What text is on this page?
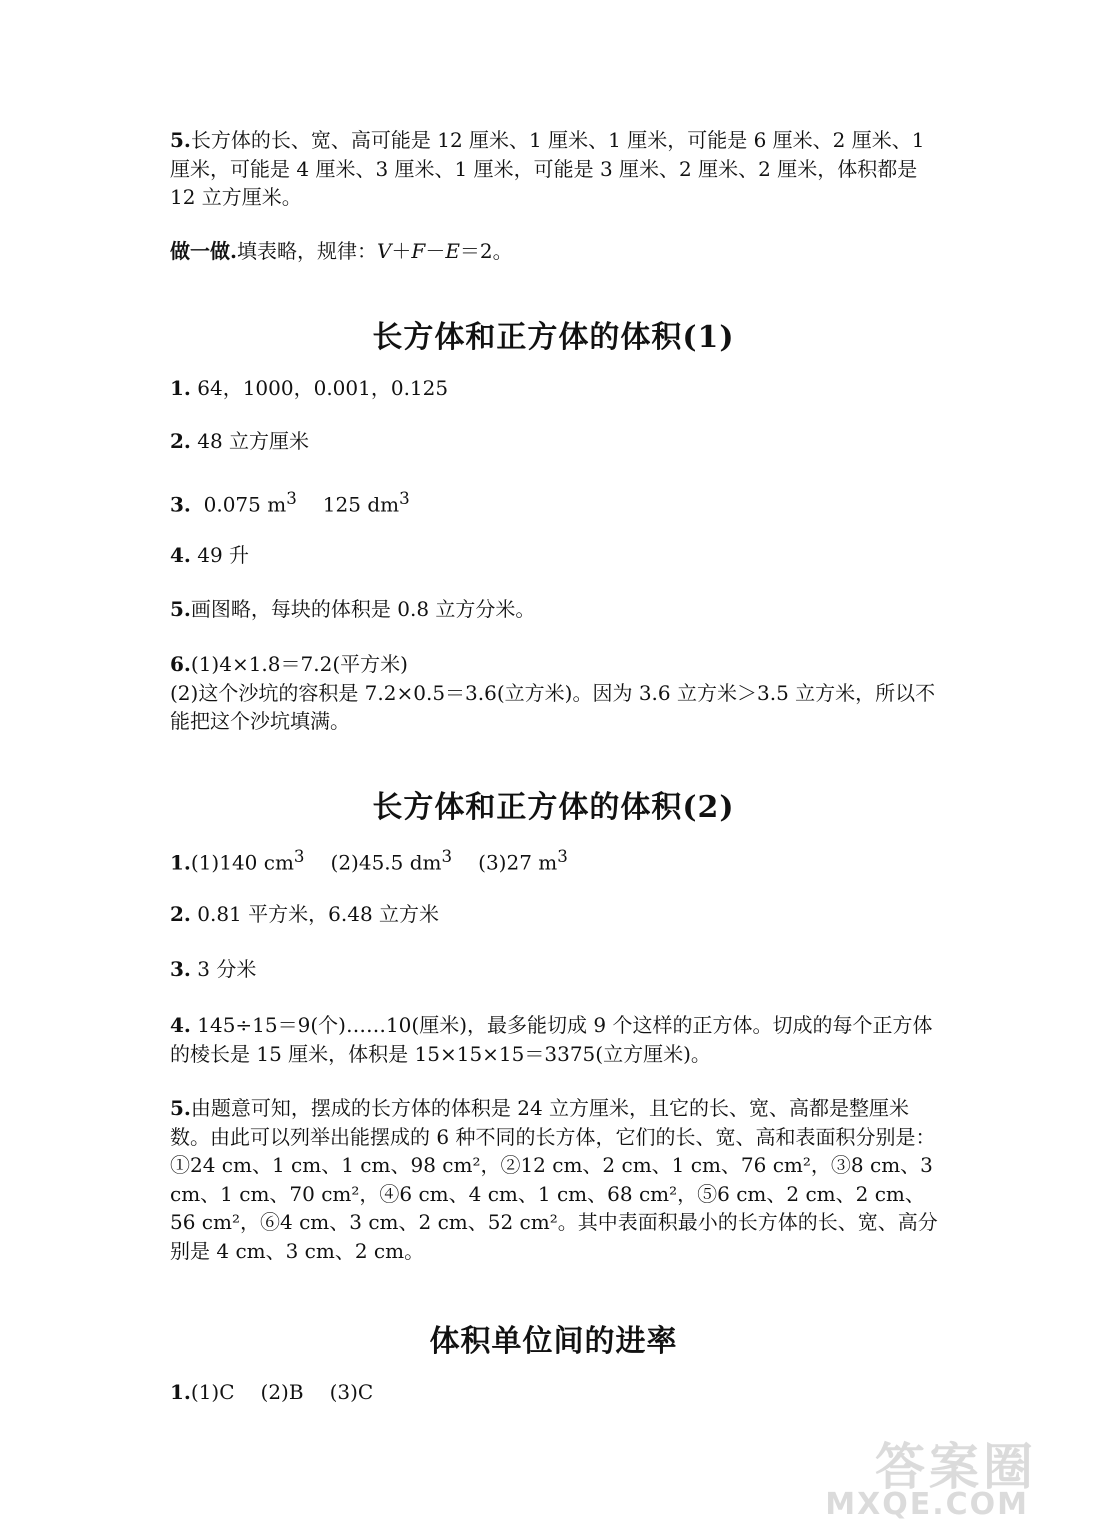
5.长方体的长、宽、高可能是 12 厘米、1 厘米、1 厘米，可能是 6 厘米、2 厘米、1 厘米，可能是 4 厘米、3 厘米、1 厘米，可能是 3 厘米、2 厘米、2 厘米，体积都是 12 立方厘米。

做一做.填表略，规律：V＋F－E＝2。

长方体和正方体的体积(1)

1. 64，1000，0.001，0.125

2. 48 立方厘米

3. 0.075 $m^3$ 125 $dm^3$

4. 49 升

5.画图略，每块的体积是 0.8 立方分米。

6.(1)4×1.8＝7.2(平方米)
(2)这个沙坑的容积是 7.2×0.5＝3.6(立方米)。因为 3.6 立方米＞3.5 立方米，所以不能把这个沙坑填满。
长方体和正方体的体积(2)

1.(1)140 $cm^3$ (2)45.5 $dm^3$ (3)27 $m^3$

2. 0.81 平方米，6.48 立方米

3. 3 分米

4. 145÷15＝9(个)……10(厘米)，最多能切成 9 个这样的正方体。切成的每个正方体的棱长是 15 厘米，体积是 15×15×15＝3375(立方厘米)。

5.由题意可知，摆成的长方体的体积是 24 立方厘米，且它的长、宽、高都是整厘米数。由此可以列举出能摆成的 6 种不同的长方体，它们的长、宽、高和表面积分别是：①24 cm、1 cm、1 cm、98 cm²，②12 cm、2 cm、1 cm、76 cm²，③8 cm、3 cm、1 cm、70 cm²，④6 cm、4 cm、1 cm、68 cm²，⑤6 cm、2 cm、2 cm、56 cm²，⑥4 cm、3 cm、2 cm、52 cm²。其中表面积最小的长方体的长、宽、高分别是 4 cm、3 cm、2 cm。

体积单位间的进率

1.(1)C (2)B (3)C

答案圈
MXQE.COM
